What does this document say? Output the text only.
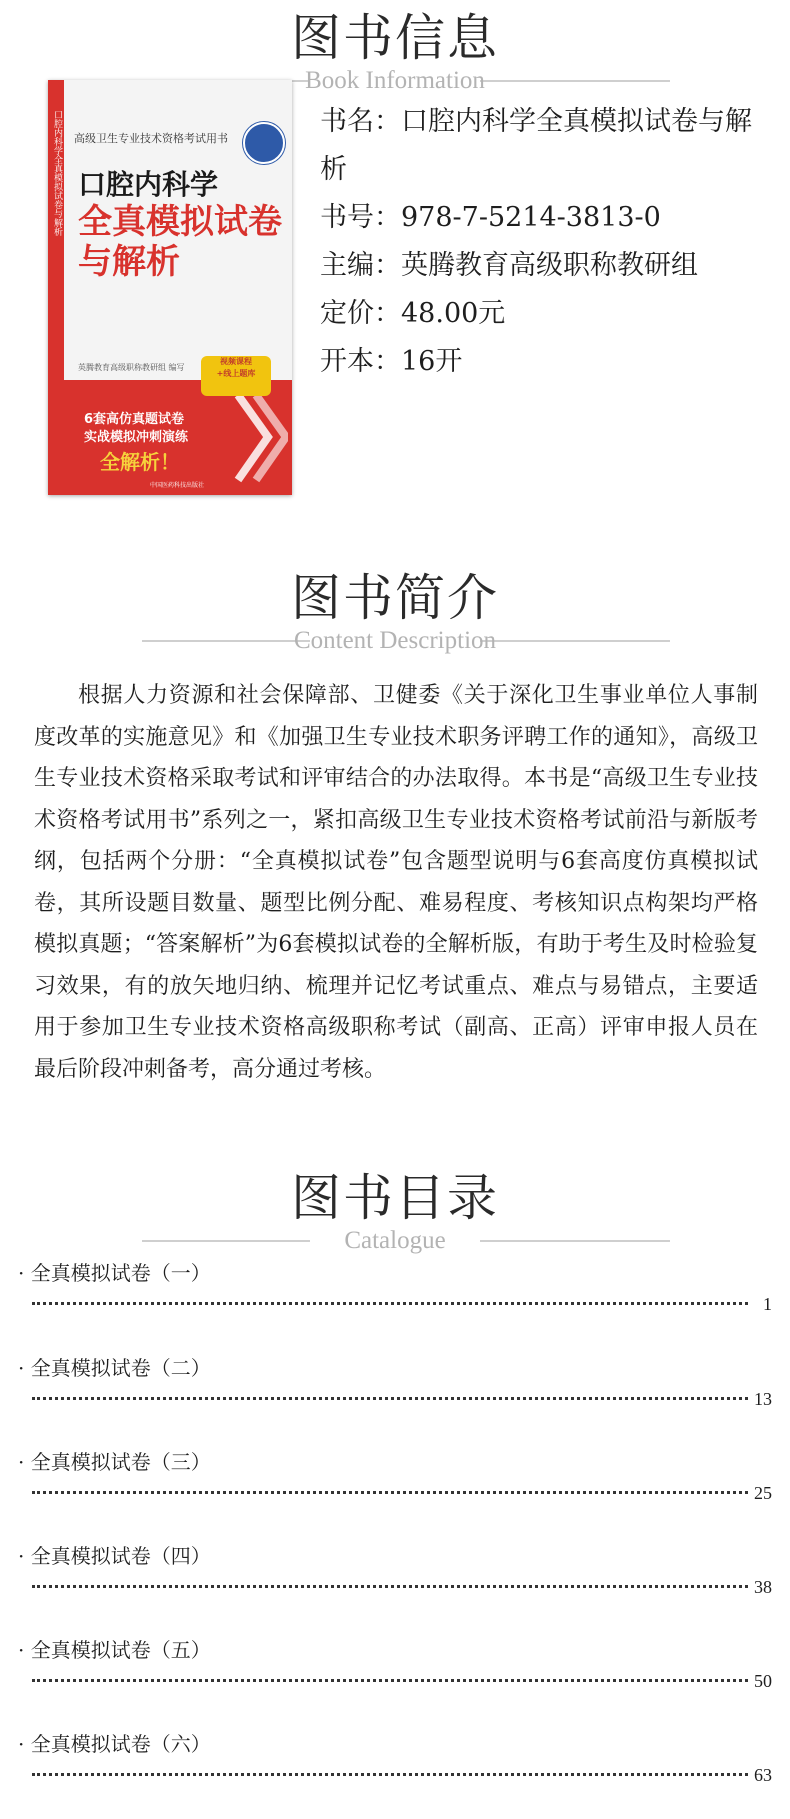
图书信息
Book Information
口腔内科学全真模拟试卷与解析 高级卫生专业技术资格考试用书
口腔内科学
全真模拟试卷
与解析
英腾教育高级职称教研组 编写
6套高仿真题试卷
实战模拟冲刺演练
全解析！
中国医药科技出版社
视频课程
+线上题库
书名：口腔内科学全真模拟试卷与解析
书号：978-7-5214-3813-0
主编：英腾教育高级职称教研组
定价：48.00元
开本：16开
图书简介
Content Description
根据人力资源和社会保障部、卫健委《关于深化卫生事业单位人事制度改革的实施意见》和《加强卫生专业技术职务评聘工作的通知》，高级卫生专业技术资格采取考试和评审结合的办法取得。本书是“高级卫生专业技术资格考试用书”系列之一，紧扣高级卫生专业技术资格考试前沿与新版考纲，包括两个分册：“全真模拟试卷”包含题型说明与6套高度仿真模拟试卷，其所设题目数量、题型比例分配、难易程度、考核知识点构架均严格模拟真题；“答案解析”为6套模拟试卷的全解析版，有助于考生及时检验复习效果，有的放矢地归纳、梳理并记忆考试重点、难点与易错点，主要适用于参加卫生专业技术资格高级职称考试（副高、正高）评审申报人员在最后阶段冲刺备考，高分通过考核。
图书目录
Catalogue
· 全真模拟试卷（一）
1
· 全真模拟试卷（二）
13
· 全真模拟试卷（三）
25
· 全真模拟试卷（四）
38
· 全真模拟试卷（五）
50
· 全真模拟试卷（六）
63
